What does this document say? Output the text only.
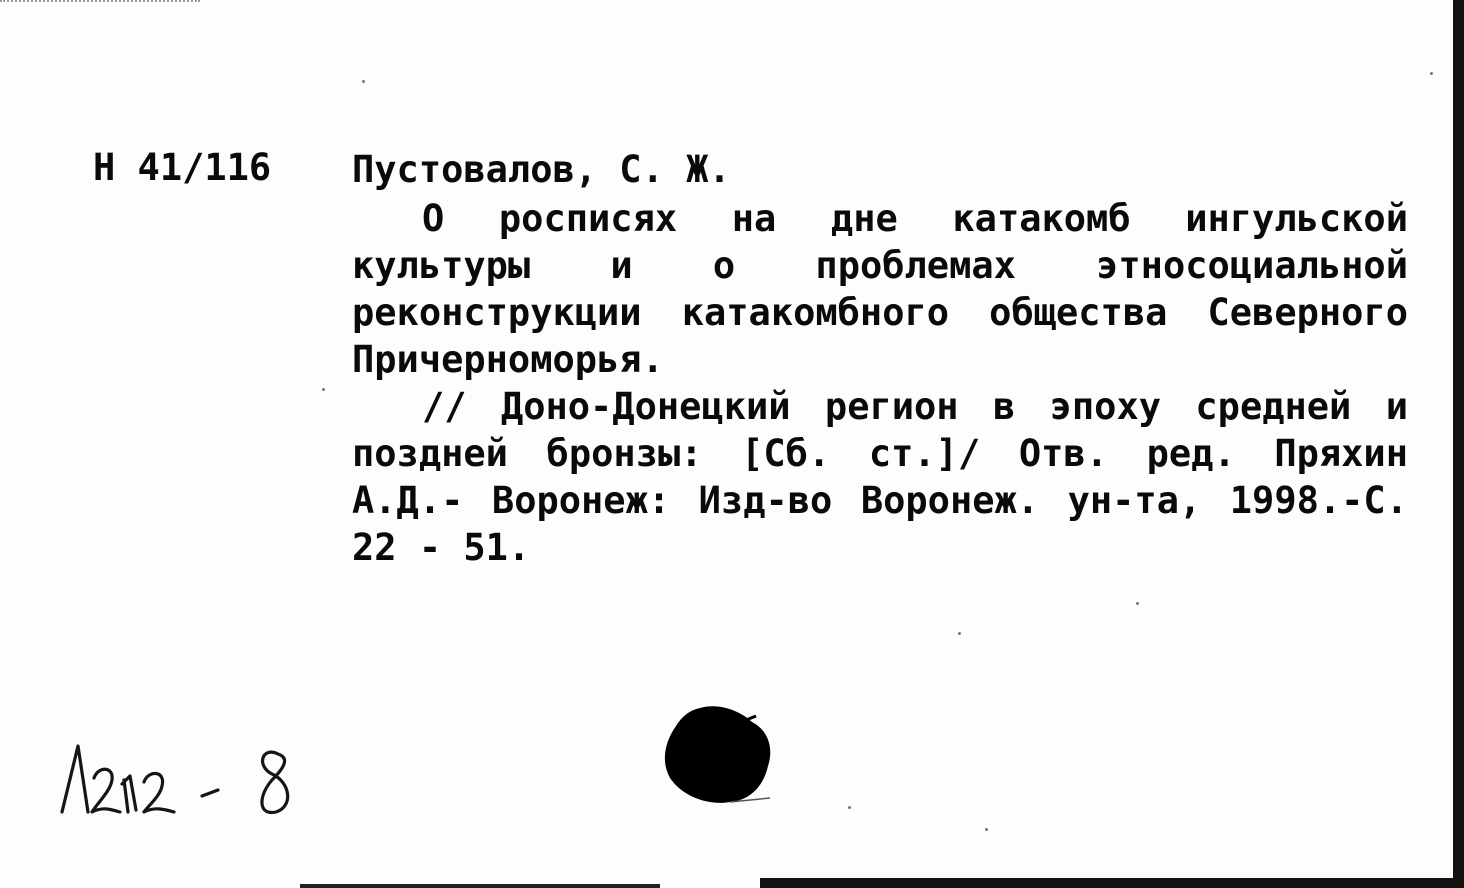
Н 41/116 Пустовалов, С. Ж.

О росписях на дне катакомб ингульской культуры и о проблемах этносоциальной реконструкции катакомбного общества Северного Причерноморья.

// Доно-Донецкий регион в эпоху средней и поздней бронзы: [Сб. ст.]/ Отв. ред. Пряхин А.Д.- Воронеж: Изд-во Воронеж. ун-та, 1998.-С. 22 - 51.
